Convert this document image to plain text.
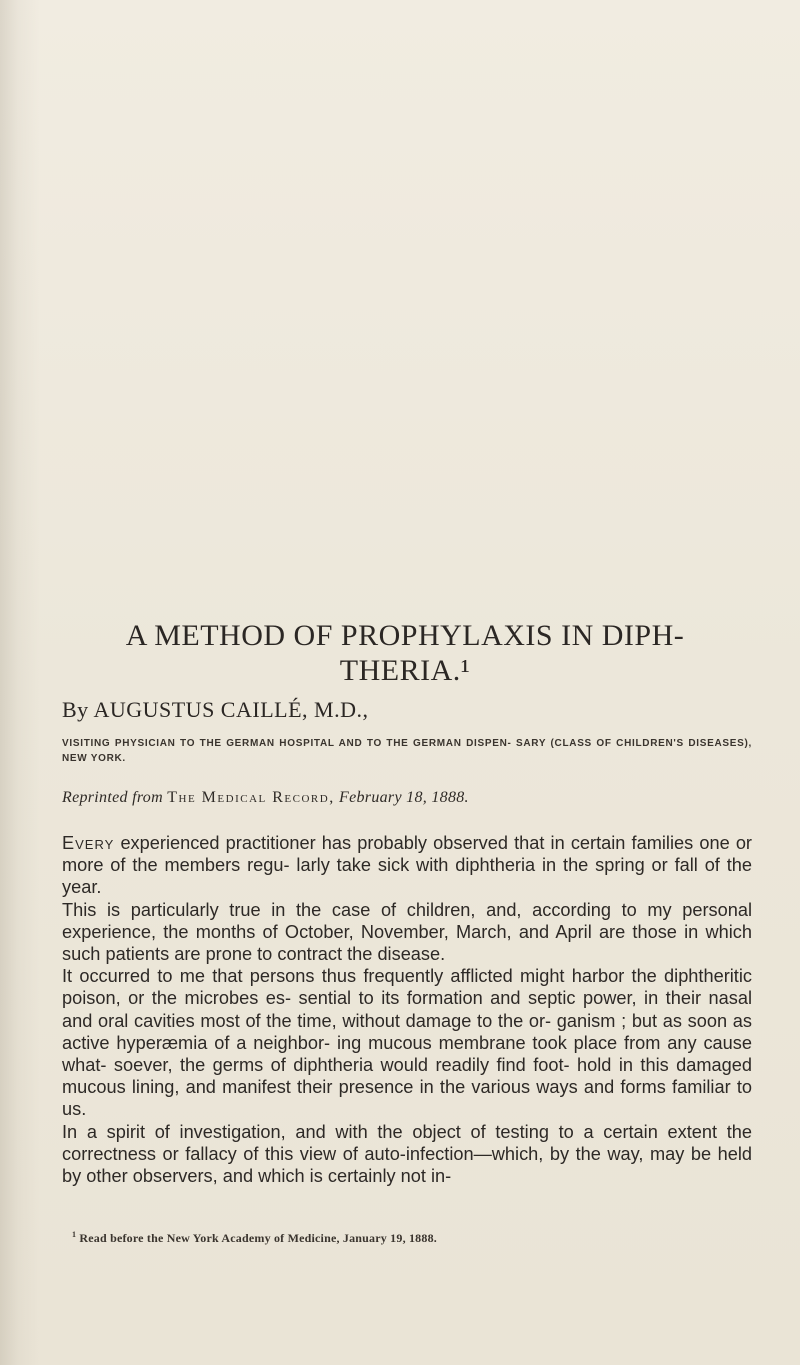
A METHOD OF PROPHYLAXIS IN DIPH-
THERIA.¹
By AUGUSTUS CAILLÉ, M.D.,
VISITING PHYSICIAN TO THE GERMAN HOSPITAL AND TO THE GERMAN DISPEN- SARY (CLASS OF CHILDREN'S DISEASES), NEW YORK.
Reprinted from The Medical Record, February 18, 1888.

Every experienced practitioner has probably observed that in certain families one or more of the members regu- larly take sick with diphtheria in the spring or fall of the year.

This is particularly true in the case of children, and, according to my personal experience, the months of October, November, March, and April are those in which such patients are prone to contract the disease.

It occurred to me that persons thus frequently afflicted might harbor the diphtheritic poison, or the microbes es- sential to its formation and septic power, in their nasal and oral cavities most of the time, without damage to the or- ganism ; but as soon as active hyperæmia of a neighbor- ing mucous membrane took place from any cause what- soever, the germs of diphtheria would readily find foot- hold in this damaged mucous lining, and manifest their presence in the various ways and forms familiar to us.

In a spirit of investigation, and with the object of testing to a certain extent the correctness or fallacy of this view of auto-infection—which, by the way, may be held by other observers, and which is certainly not in-

$^1$ Read before the New York Academy of Medicine, January 19, 1888.
